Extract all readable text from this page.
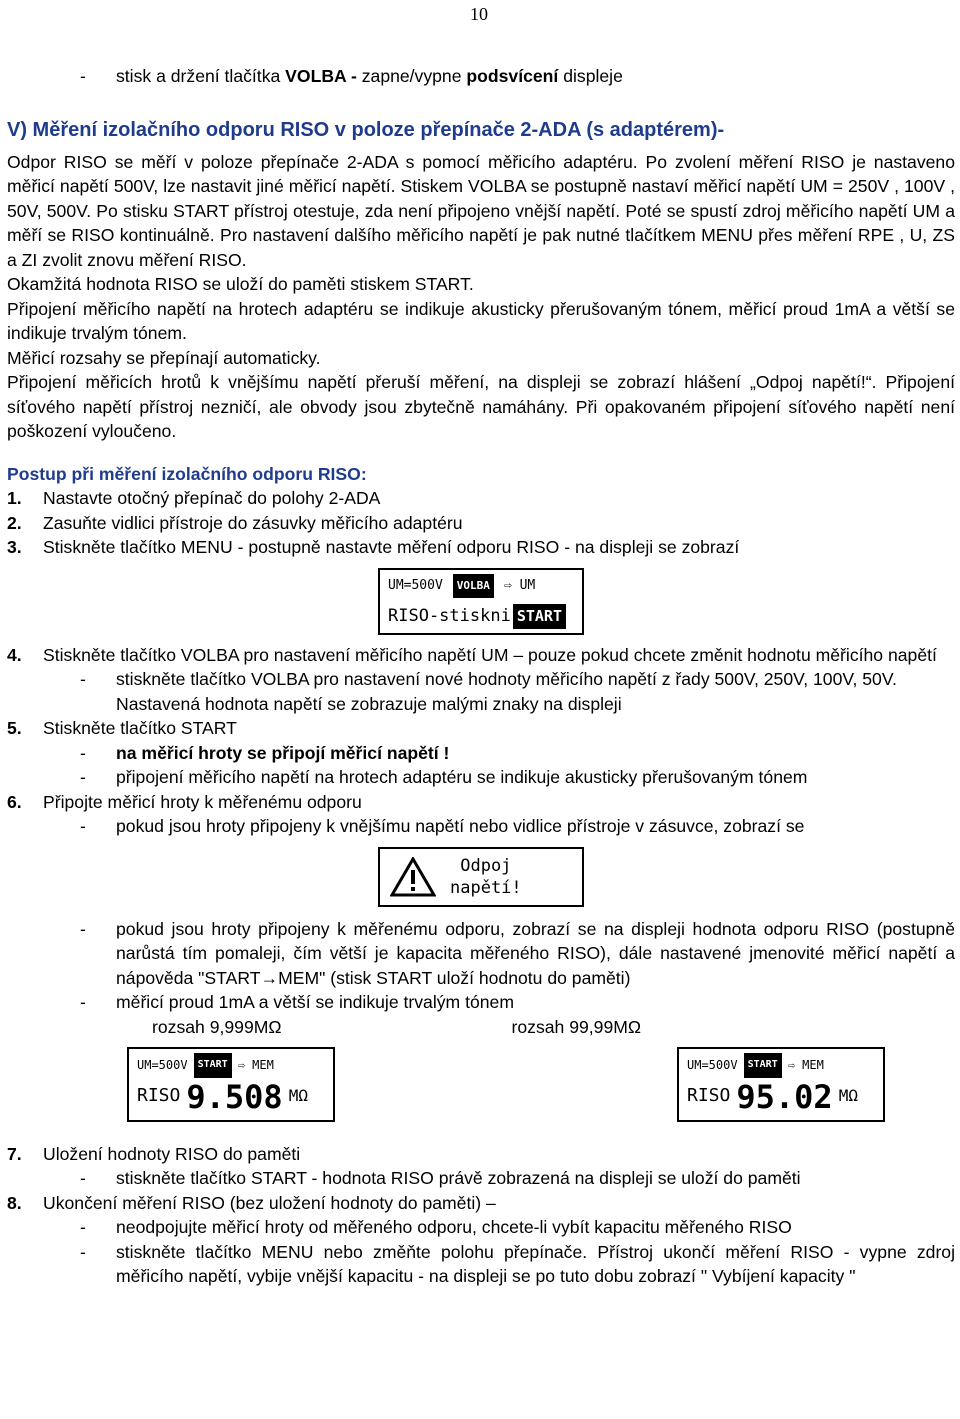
10
-	stisk a držení tlačítka VOLBA - zapne/vypne podsvícení displeje
V) Měření izolačního odporu RISO v poloze přepínače 2-ADA (s adaptérem)-

Odpor RISO se měří v poloze přepínače 2-ADA s pomocí měřicího adaptéru. Po zvolení měření RISO je nastaveno měřicí napětí 500V, lze nastavit jiné měřicí napětí. Stiskem VOLBA se postupně nastaví měřicí napětí UM = 250V , 100V , 50V, 500V. Po stisku START přístroj otestuje, zda není připojeno vnější napětí. Poté se spustí zdroj měřicího napětí UM a měří se RISO kontinuálně. Pro nastavení dalšího měřicího napětí je pak nutné tlačítkem MENU přes měření RPE , U, ZS a ZI zvolit znovu měření RISO.

Okamžitá hodnota RISO se uloží do paměti stiskem START.

Připojení měřicího napětí na hrotech adaptéru se indikuje akusticky přerušovaným tónem, měřicí proud 1mA a větší se indikuje trvalým tónem.

Měřicí rozsahy se přepínají automaticky.

Připojení měřicích hrotů k vnějšímu napětí přeruší měření, na displeji se zobrazí hlášení „Odpoj napětí!“. Připojení síťového napětí přístroj nezničí, ale obvody jsou zbytečně namáhány. Při opakovaném připojení síťového napětí není poškození vyloučeno.

Postup při měření izolačního odporu RISO:
1.	Nastavte otočný přepínač do polohy 2-ADA
2.	Zasuňte vidlici přístroje do zásuvky měřicího adaptéru
3.	Stiskněte tlačítko MENU - postupně nastavte měření odporu RISO - na displeji se zobrazí
UM=500V	VOLBA	⇨ UM
RISO-stiskni START
4.	Stiskněte tlačítko VOLBA pro nastavení měřicího napětí UM – pouze pokud chcete změnit hodnotu měřicího napětí
-	stiskněte tlačítko VOLBA pro nastavení nové hodnoty měřicího napětí z řady 500V, 250V, 100V, 50V. Nastavená hodnota napětí se zobrazuje malými znaky na displeji
5.	Stiskněte tlačítko START
-	na měřicí hroty se připojí měřicí napětí !
-	připojení měřicího napětí na hrotech adaptéru se indikuje akusticky přerušovaným tónem
6.	Připojte měřicí hroty k měřenému odporu
-	pokud jsou hroty připojeny k vnějšímu napětí nebo vidlice přístroje v zásuvce, zobrazí se
Odpoj
napětí!
-	pokud jsou hroty připojeny k měřenému odporu, zobrazí se na displeji hodnota odporu RISO (postupně narůstá tím pomaleji, čím větší je kapacita měřeného RISO), dále nastavené jmenovité měřicí napětí a nápověda "START→MEM" (stisk START uloží hodnotu do paměti)
-	měřicí proud 1mA a větší se indikuje trvalým tónem
rozsah 9,999MΩ	rozsah 99,99MΩ
UM=500V	START ⇨ MEM
RISO 9.508 MΩ
UM=500V	START ⇨ MEM
RISO 95.02 MΩ
7.	Uložení hodnoty RISO do paměti
-	stiskněte tlačítko START - hodnota RISO právě zobrazená na displeji se uloží do paměti
8.	Ukončení měření RISO (bez uložení hodnoty do paměti) –
-	neodpojujte měřicí hroty od měřeného odporu, chcete-li vybít kapacitu měřeného RISO
-	stiskněte tlačítko MENU nebo změňte polohu přepínače. Přístroj ukončí měření RISO - vypne zdroj měřicího napětí, vybije vnější kapacitu - na displeji se po tuto dobu zobrazí " Vybíjení kapacity "
